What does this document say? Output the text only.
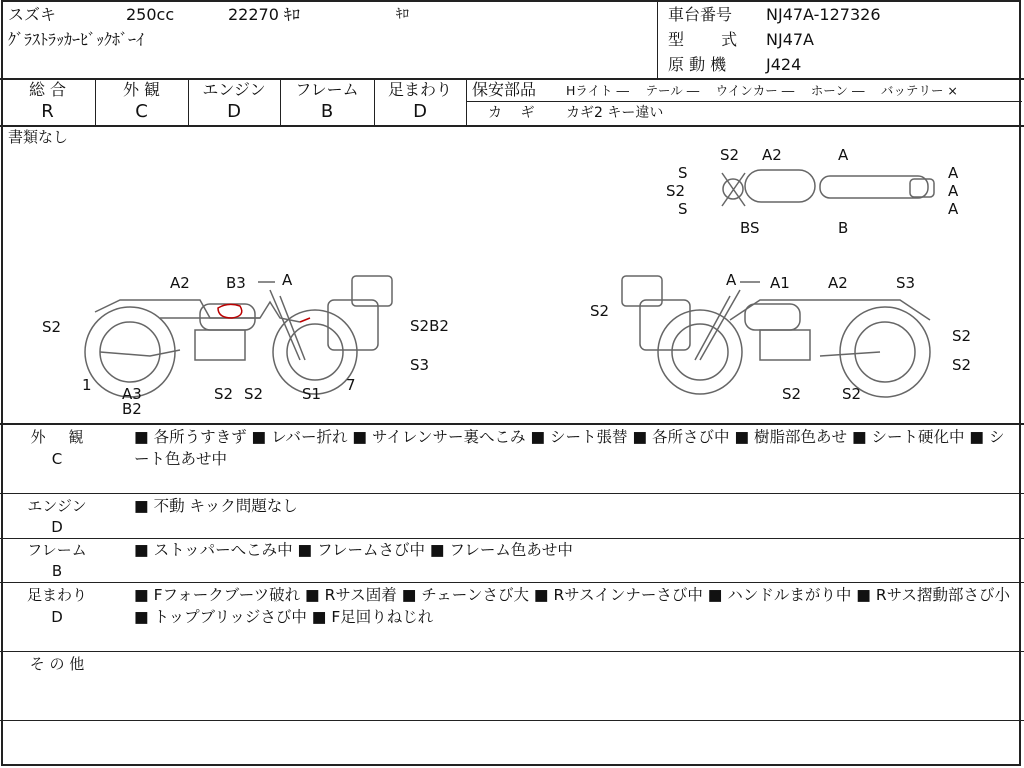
スズキ	250cc	22270 ｷﾛ	ｷﾛ
ｸﾞﾗｽﾄﾗｯｶｰﾋﾞｯｸﾎﾞｰｲ
車台番号 NJ47A-127326
型 式 NJ47A
原 動 機 J424
総 合
R
外 観
C
エンジン
D
フレーム
B
足まわり
D
保安部品 Hライト ―　 テール ―　 ウインカー ―　 ホーン ―　 バッテリー ×
カ ギ カギ2 キー違い
書類なし
S2 A2	A
S	A
S2	A
S	A
BS	B
A2 B3 A
S2	S2B2
S3
1	7
A3
B2
S2 S2	S1
A A1	A2	S3
S2
S2
S2
S2	S2
外 観
C
■ 各所うすきず ■ レバー折れ ■ サイレンサー裏へこみ ■ シート張替 ■ 各所さび中 ■ 樹脂部色あせ ■ シート硬化中 ■ シート色あせ中
エンジン
D
■ 不動 キック問題なし
フレーム
B
■ ストッパーへこみ中 ■ フレームさび中 ■ フレーム色あせ中
足まわり
D
■ Fフォークブーツ破れ ■ Rサス固着 ■ チェーンさび大 ■ Rサスインナーさび中 ■ ハンドルまがり中 ■ Rサス摺動部さび小 ■ トップブリッジさび中 ■ F足回りねじれ
そ の 他
